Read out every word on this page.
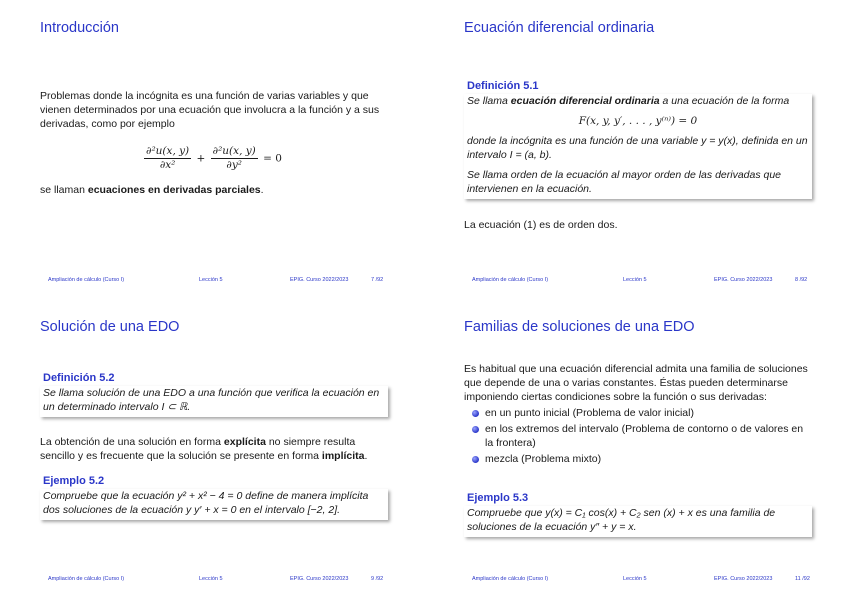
Introducción

Problemas donde la incógnita es una función de varias variables y que vienen determinados por una ecuación que involucra a la función y a sus derivadas, como por ejemplo

$\frac{\text{∂²u(x, y)}}{\text{∂x²}} + \frac{\text{∂²u(x, y)}}{\text{∂y²}} = 0$

se llaman ecuaciones en derivadas parciales.

Ampliación de cálculo (Curso I)	Lección 5	EPIG. Curso 2022/2023	7 /92
Ecuación diferencial ordinaria
Definición 5.1
Se llama ecuación diferencial ordinaria a una ecuación de la forma
F(x, y, y′, . . . , y⁽ⁿ⁾) = 0
donde la incógnita es una función de una variable y = y(x), definida en un intervalo I = (a, b).
Se llama orden de la ecuación al mayor orden de las derivadas que intervienen en la ecuación.

La ecuación (1) es de orden dos.

Ampliación de cálculo (Curso I)	Lección 5	EPIG. Curso 2022/2023	8 /92
Solución de una EDO
Definición 5.2
Se llama solución de una EDO a una función que verifica la ecuación en un determinado intervalo I ⊂ ℝ.

La obtención de una solución en forma explícita no siempre resulta sencillo y es frecuente que la solución se presente en forma implícita.

Ejemplo 5.2
Compruebe que la ecuación y² + x² − 4 = 0 define de manera implícita dos soluciones de la ecuación y y′ + x = 0 en el intervalo [−2, 2].
Ampliación de cálculo (Curso I)	Lección 5	EPIG. Curso 2022/2023	9 /92
Familias de soluciones de una EDO

Es habitual que una ecuación diferencial admita una familia de soluciones que depende de una o varias constantes. Éstas pueden determinarse imponiendo ciertas condiciones sobre la función o sus derivadas:

en un punto inicial (Problema de valor inicial)
en los extremos del intervalo (Problema de contorno o de valores en la frontera)
mezcla (Problema mixto)
Ejemplo 5.3
Compruebe que y(x) = C₁ cos(x) + C₂ sen (x) + x es una familia de soluciones de la ecuación y″ + y = x.
Ampliación de cálculo (Curso I)	Lección 5	EPIG. Curso 2022/2023	11 /92
